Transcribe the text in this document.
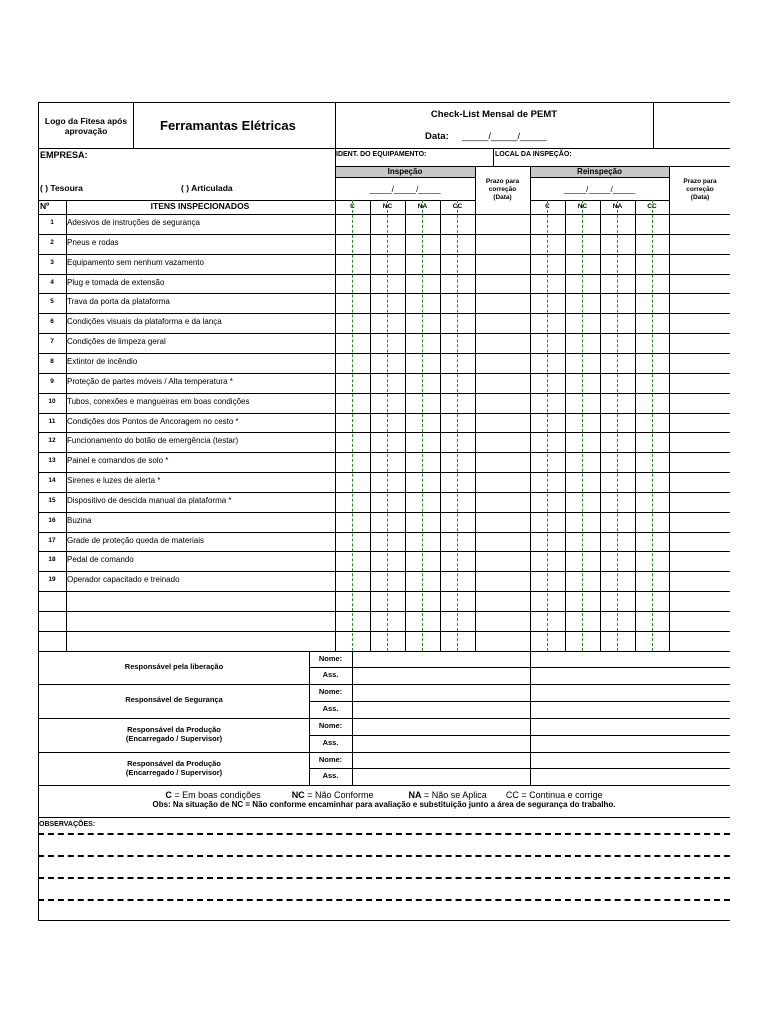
Logo da Fitesa após aprovação	Ferramantas Elétricas
Check-List Mensal de PEMT
Data: _____/_____/_____
EMPRESA:	IDENT. DO EQUIPAMENTO:	LOCAL DA INSPEÇÃO:
Inspeção
_____/_____/_____
Reinspeção
_____/_____/_____
Prazo para
correção
(Data)
Prazo para
correção
(Data)
( ) Tesoura	( ) Articulada
Nº	ITENS INSPECIONADOS	C	NC	NA	CC	C	NC	NA	CC
1	Adesivos de instruções de segurança
2	Pneus e rodas
3	Equipamento sem nenhum vazamento
4	Plug e tomada de extensão
5	Trava da porta da plataforma
6	Condições visuais da plataforma e da lança
7	Condições de limpeza geral
8	Extintor de incêndio
9	Proteção de partes móveis / Alta temperatura *
10	Tubos, conexões e mangueiras em boas condições
11	Condições dos Pontos de Ancoragem no cesto *
12	Funcionamento do botão de emergência (testar)
13	Painel e comandos de solo *
14	Sirenes e luzes de alerta *
15	Dispositivo de descida manual da plataforma *
16	Buzina
17	Grade de proteção queda de materiais
18	Pedal de comando
19	Operador capacitado e treinado
Responsável pela liberação
Nome:
Ass.
Responsável de Segurança
Nome:
Ass.
Responsável da Produção
(Encarregado / Supervisor)
Nome:
Ass.
Responsável da Produção
(Encarregado / Supervisor)
Nome:
Ass.
C = Em boas condições	NC = Não Conforme	NA = Não se Aplica CC = Continua e corrige
Obs: Na situação de NC = Não conforme encaminhar para avaliação e substituição junto a área de segurança do trabalho.
OBSERVAÇÕES:
